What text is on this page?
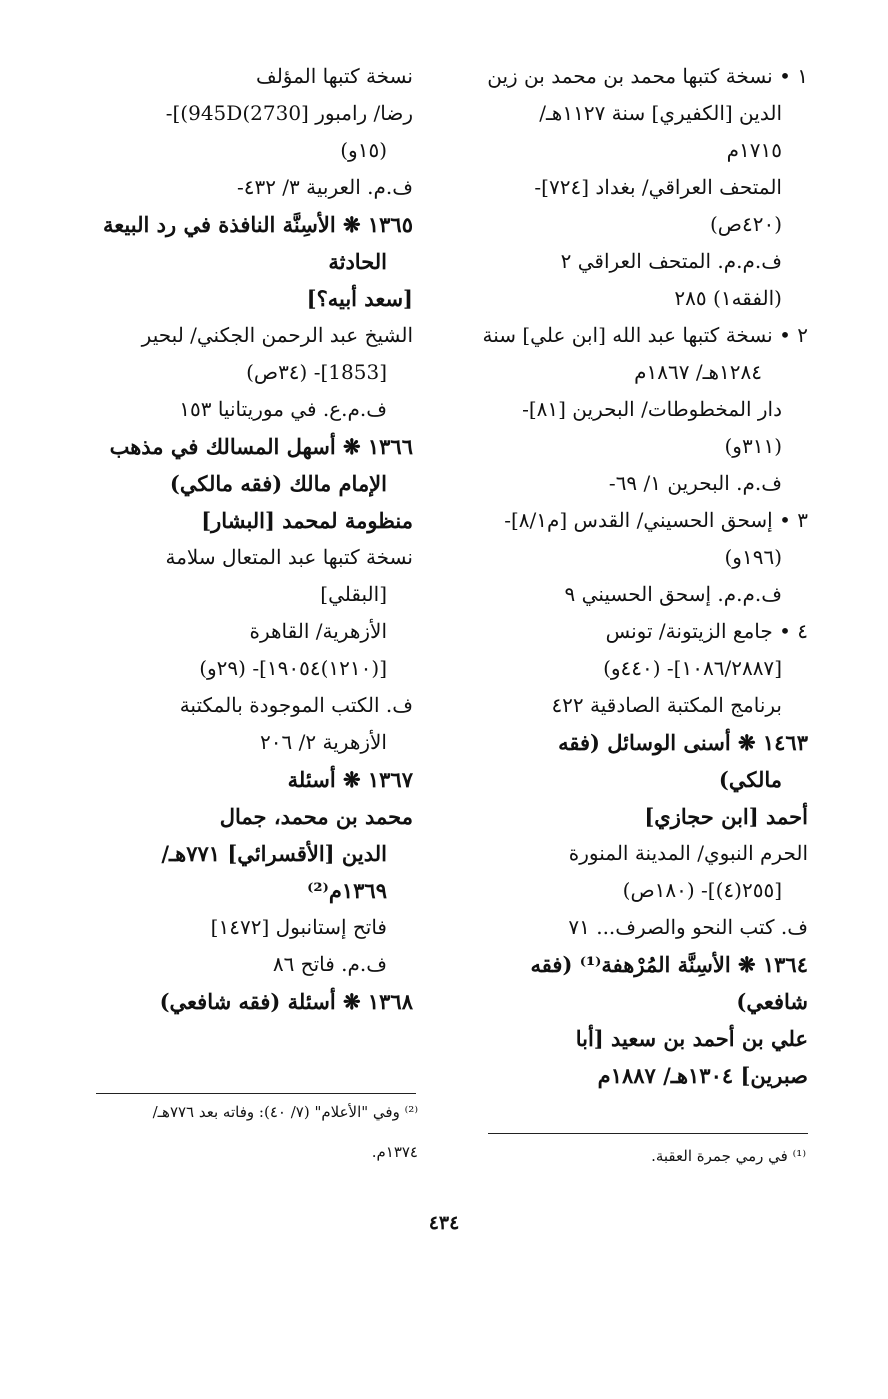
١ • نسخة كتبها محمد بن محمد بن زين
الدين [الكفيري] سنة ١١٢٧هـ/
١٧١٥م
المتحف العراقي/ بغداد [٧٢٤]-
(٤٢٠ص)
ف.م.م. المتحف العراقي ٢
(الفقه١) ٢٨٥
٢ • نسخة كتبها عبد الله [ابن علي] سنة
١٢٨٤هـ/ ١٨٦٧م
دار المخطوطات/ البحرين [٨١]-
(٣١١و)
ف.م. البحرين ١/ ٦٩-
٣ • إسحق الحسيني/ القدس [م٨/١]-
(١٩٦و)
ف.م.م. إسحق الحسيني ٩
٤ • جامع الزيتونة/ تونس
[١٠٨٦/٢٨٨٧]- (٤٤٠و)
برنامج المكتبة الصادقية ٤٢٢
١٤٦٣ ❋ أسنى الوسائل (فقه
مالكي)
أحمد [ابن حجازي]
الحرم النبوي/ المدينة المنورة
[٢٥٥(٤)]- (١٨٠ص)
ف. كتب النحو والصرف... ٧١
١٣٦٤ ❋ الأسِنَّة المُرْهفة⁽¹⁾ (فقه
شافعي)
علي بن أحمد بن سعيد [أبا
صبرين] ١٣٠٤هـ/ ١٨٨٧م
نسخة كتبها المؤلف
رضا/ رامبور [2730)945D)]-
(١٥و)
ف.م. العربية ٣/ ٤٣٢-
١٣٦٥ ❋ الأسِنَّة النافذة في رد البيعة
الحادثة
[سعد أبيه؟]
الشيخ عبد الرحمن الجكني/ لبحير
[1853]- (٣٤ص)
ف.م.ع. في موريتانيا ١٥٣
١٣٦٦ ❋ أسهل المسالك في مذهب
الإمام مالك (فقه مالكي)
منظومة لمحمد [البشار]
نسخة كتبها عبد المتعال سلامة
[البقلي]
الأزهرية/ القاهرة
[(١٢١٠)١٩٠٥٤]- (٢٩و)
ف. الكتب الموجودة بالمكتبة
الأزهرية ٢/ ٢٠٦
١٣٦٧ ❋ أسئلة
محمد بن محمد، جمال
الدين [الأقسرائي] ٧٧١هـ/
١٣٦٩م⁽²⁾
فاتح إستانبول [١٤٧٢]
ف.م. فاتح ٨٦
١٣٦٨ ❋ أسئلة (فقه شافعي)
⁽²⁾ وفي "الأعلام" (٧/ ٤٠): وفاته بعد ٧٧٦هـ/
١٣٧٤م.	⁽¹⁾ في رمي جمرة العقبة.
٤٣٤
